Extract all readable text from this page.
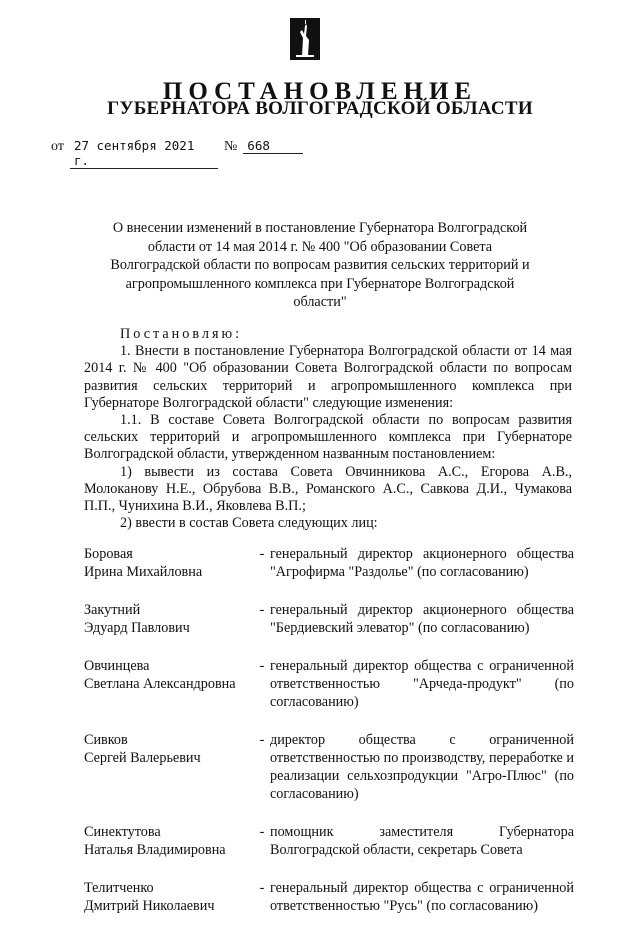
ПОСТАНОВЛЕНИЕ
ГУБЕРНАТОРА ВОЛГОГРАДСКОЙ ОБЛАСТИ
от 27 сентября 2021 г.
№ 668
О внесении изменений в постановление Губернатора Волгоградской области от 14 мая 2014 г. № 400 "Об образовании Совета Волгоградской области по вопросам развития сельских территорий и агропромышленного комплекса при Губернаторе Волгоградской области"

Постановляю:

1. Внести в постановление Губернатора Волгоградской области от 14 мая 2014 г. № 400 "Об образовании Совета Волгоградской области по вопросам развития сельских территорий и агропромышленного комплекса при Губернаторе Волгоградской области" следующие изменения:

1.1. В составе Совета Волгоградской области по вопросам развития сельских территорий и агропромышленного комплекса при Губернаторе Волгоградской области, утвержденном названным постановлением:

1) вывести из состава Совета Овчинникова А.С., Егорова А.В., Молоканову Н.Е., Обрубова В.В., Романского А.С., Савкова Д.И., Чумакова П.П., Чунихина В.И., Яковлева В.П.;

2) ввести в состав Совета следующих лиц:

Боровая
Ирина Михайловна
- генеральный директор акционерного общества "Агрофирма "Раздолье" (по согласованию)
Закутний
Эдуард Павлович
- генеральный директор акционерного общества "Бердиевский элеватор" (по согласованию)
Овчинцева
Светлана Александровна
- генеральный директор общества с ограниченной ответственностью "Арчеда-продукт" (по согласованию)
Сивков
Сергей Валерьевич
- директор общества с ограниченной ответственностью по производству, переработке и реализации сельхозпродукции "Агро-Плюс" (по согласованию)
Синектутова
Наталья Владимировна
- помощник заместителя Губернатора Волгоградской области, секретарь Совета
Телитченко
Дмитрий Николаевич
- генеральный директор общества с ограниченной ответственностью "Русь" (по согласованию)
